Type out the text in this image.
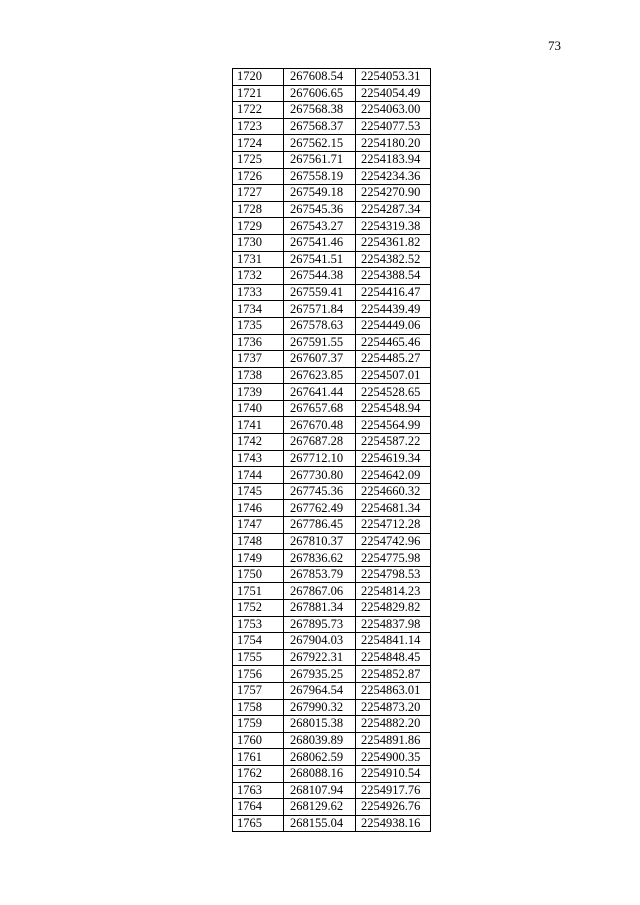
73
1720	267608.54	2254053.31
1721	267606.65	2254054.49
1722	267568.38	2254063.00
1723	267568.37	2254077.53
1724	267562.15	2254180.20
1725	267561.71	2254183.94
1726	267558.19	2254234.36
1727	267549.18	2254270.90
1728	267545.36	2254287.34
1729	267543.27	2254319.38
1730	267541.46	2254361.82
1731	267541.51	2254382.52
1732	267544.38	2254388.54
1733	267559.41	2254416.47
1734	267571.84	2254439.49
1735	267578.63	2254449.06
1736	267591.55	2254465.46
1737	267607.37	2254485.27
1738	267623.85	2254507.01
1739	267641.44	2254528.65
1740	267657.68	2254548.94
1741	267670.48	2254564.99
1742	267687.28	2254587.22
1743	267712.10	2254619.34
1744	267730.80	2254642.09
1745	267745.36	2254660.32
1746	267762.49	2254681.34
1747	267786.45	2254712.28
1748	267810.37	2254742.96
1749	267836.62	2254775.98
1750	267853.79	2254798.53
1751	267867.06	2254814.23
1752	267881.34	2254829.82
1753	267895.73	2254837.98
1754	267904.03	2254841.14
1755	267922.31	2254848.45
1756	267935.25	2254852.87
1757	267964.54	2254863.01
1758	267990.32	2254873.20
1759	268015.38	2254882.20
1760	268039.89	2254891.86
1761	268062.59	2254900.35
1762	268088.16	2254910.54
1763	268107.94	2254917.76
1764	268129.62	2254926.76
1765	268155.04	2254938.16
